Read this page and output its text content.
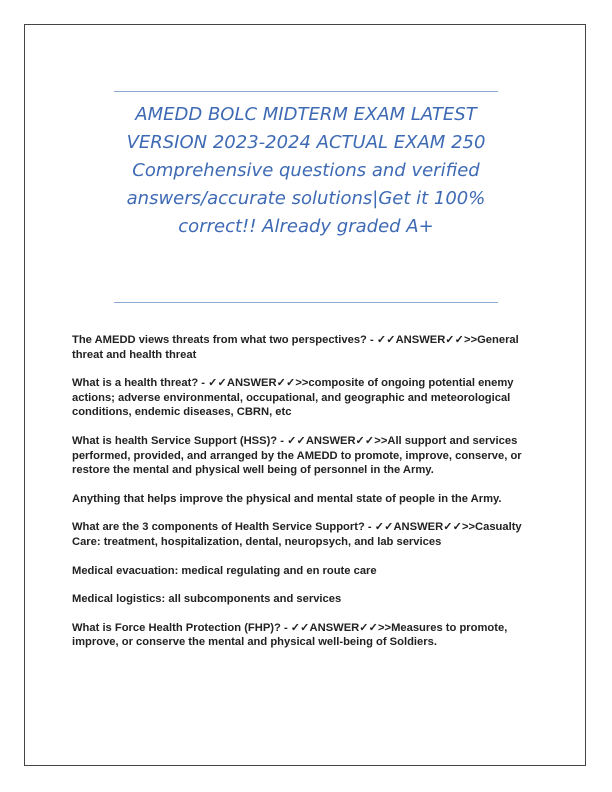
AMEDD BOLC MIDTERM EXAM LATEST VERSION 2023-2024 ACTUAL EXAM 250 Comprehensive questions and verified answers/accurate solutions|Get it 100% correct!! Already graded A+

The AMEDD views threats from what two perspectives? - ✓✓ANSWER✓✓>>General threat and health threat

What is a health threat? - ✓✓ANSWER✓✓>>composite of ongoing potential enemy actions; adverse environmental, occupational, and geographic and meteorological conditions, endemic diseases, CBRN, etc

What is health Service Support (HSS)? - ✓✓ANSWER✓✓>>All support and services performed, provided, and arranged by the AMEDD to promote, improve, conserve, or restore the mental and physical well being of personnel in the Army.

Anything that helps improve the physical and mental state of people in the Army.

What are the 3 components of Health Service Support? - ✓✓ANSWER✓✓>>Casualty Care: treatment, hospitalization, dental, neuropsych, and lab services

Medical evacuation: medical regulating and en route care

Medical logistics: all subcomponents and services

What is Force Health Protection (FHP)? - ✓✓ANSWER✓✓>>Measures to promote, improve, or conserve the mental and physical well-being of Soldiers.
